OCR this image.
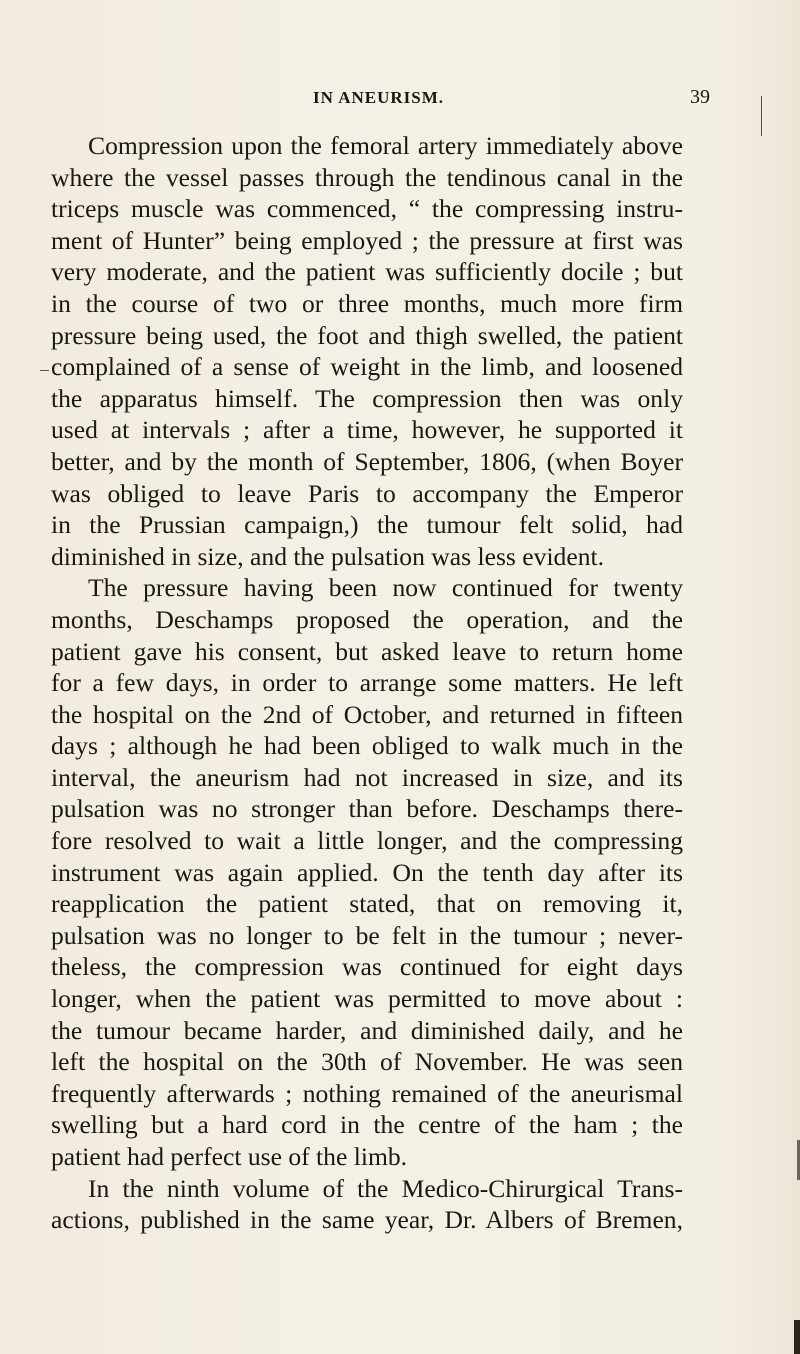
IN ANEURISM.	39
Compression upon the femoral artery immediately above
where the vessel passes through the tendinous canal in the
triceps muscle was commenced, “ the compressing instru-
ment of Hunter” being employed ; the pressure at first was
very moderate, and the patient was sufficiently docile ; but
in the course of two or three months, much more firm
pressure being used, the foot and thigh swelled, the patient
complained of a sense of weight in the limb, and loosened
the apparatus himself. The compression then was only
used at intervals ; after a time, however, he supported it
better, and by the month of September, 1806, (when Boyer
was obliged to leave Paris to accompany the Emperor
in the Prussian campaign,) the tumour felt solid, had
diminished in size, and the pulsation was less evident.
The pressure having been now continued for twenty
months, Deschamps proposed the operation, and the
patient gave his consent, but asked leave to return home
for a few days, in order to arrange some matters. He left
the hospital on the 2nd of October, and returned in fifteen
days ; although he had been obliged to walk much in the
interval, the aneurism had not increased in size, and its
pulsation was no stronger than before. Deschamps there-
fore resolved to wait a little longer, and the compressing
instrument was again applied. On the tenth day after its
reapplication the patient stated, that on removing it,
pulsation was no longer to be felt in the tumour ; never-
theless, the compression was continued for eight days
longer, when the patient was permitted to move about :
the tumour became harder, and diminished daily, and he
left the hospital on the 30th of November. He was seen
frequently afterwards ; nothing remained of the aneurismal
swelling but a hard cord in the centre of the ham ; the
patient had perfect use of the limb.
In the ninth volume of the Medico-Chirurgical Trans-
actions, published in the same year, Dr. Albers of Bremen,
